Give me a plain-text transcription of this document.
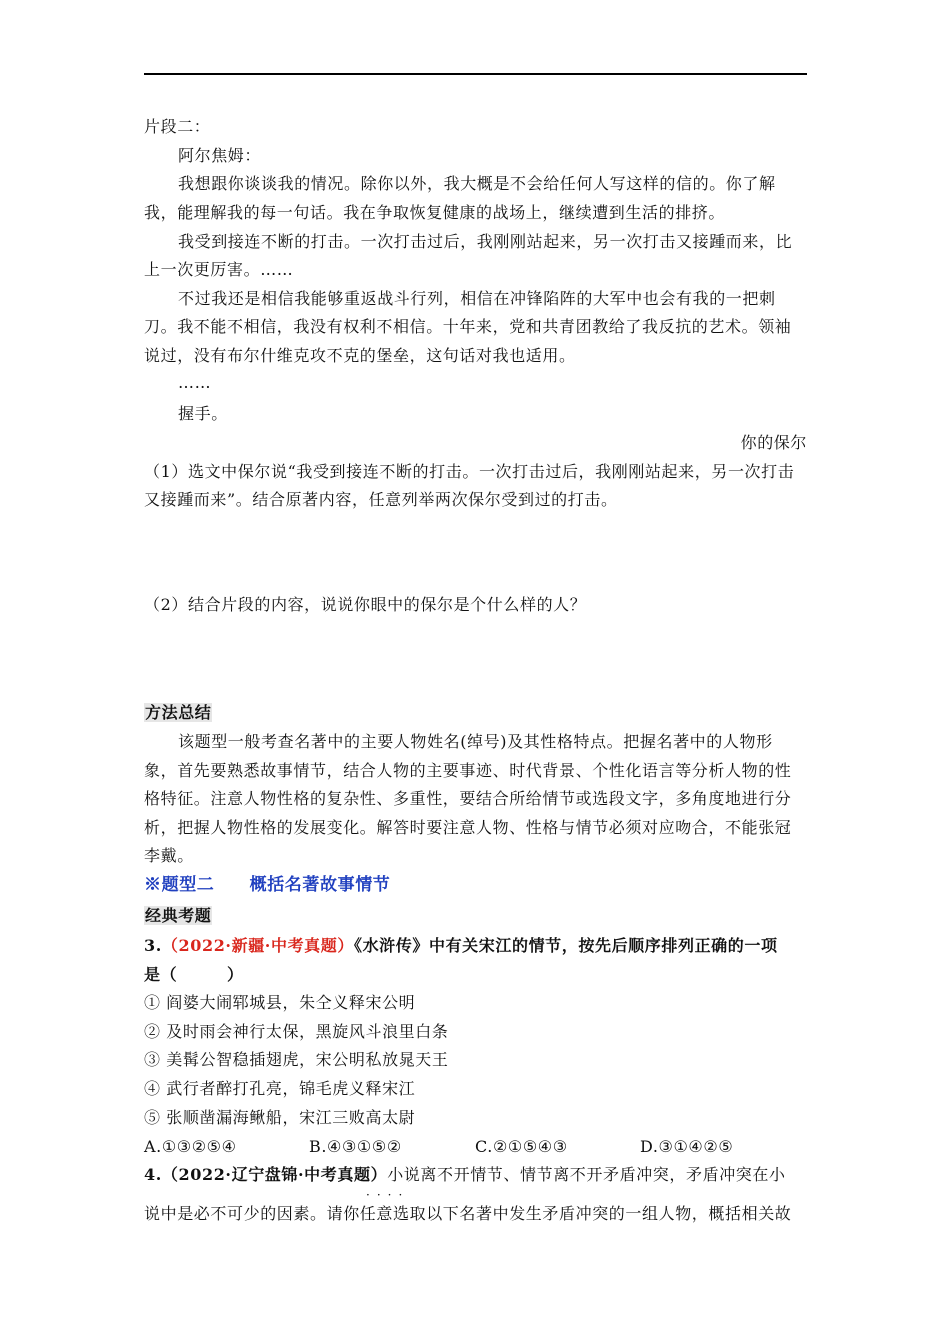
片段二：
阿尔焦姆：
我想跟你谈谈我的情况。除你以外，我大概是不会给任何人写这样的信的。你了解
我，能理解我的每一句话。我在争取恢复健康的战场上，继续遭到生活的排挤。
我受到接连不断的打击。一次打击过后，我刚刚站起来，另一次打击又接踵而来，比
上一次更厉害。……
不过我还是相信我能够重返战斗行列，相信在冲锋陷阵的大军中也会有我的一把刺
刀。我不能不相信，我没有权利不相信。十年来，党和共青团教给了我反抗的艺术。领袖
说过，没有布尔什维克攻不克的堡垒，这句话对我也适用。
……
握手。
你的保尔
（1）选文中保尔说“我受到接连不断的打击。一次打击过后，我刚刚站起来，另一次打击
又接踵而来”。结合原著内容，任意列举两次保尔受到过的打击。
（2）结合片段的内容，说说你眼中的保尔是个什么样的人？
方法总结
该题型一般考查名著中的主要人物姓名(绰号)及其性格特点。把握名著中的人物形
象，首先要熟悉故事情节，结合人物的主要事迹、时代背景、个性化语言等分析人物的性
格特征。注意人物性格的复杂性、多重性，要结合所给情节或选段文字，多角度地进行分
析，把握人物性格的发展变化。解答时要注意人物、性格与情节必须对应吻合，不能张冠
李戴。
※题型二　　概括名著故事情节
经典考题
3.（2022·新疆·中考真题）《水浒传》中有关宋江的情节，按先后顺序排列正确的一项
是（　　　）
① 阎婆大闹郓城县，朱仝义释宋公明
② 及时雨会神行太保，黑旋风斗浪里白条
③ 美髯公智稳插翅虎，宋公明私放晁天王
④ 武行者醉打孔亮，锦毛虎义释宋江
⑤ 张顺凿漏海鳅船，宋江三败高太尉
A.①③②⑤④	B.④③①⑤②	C.②①⑤④③	D.③①④②⑤
4.（2022·辽宁盘锦·中考真题）小说离不开情节、情节离不开矛盾冲突，矛盾冲突在小
····
说中是必不可少的因素。请你任意选取以下名著中发生矛盾冲突的一组人物，概括相关故
